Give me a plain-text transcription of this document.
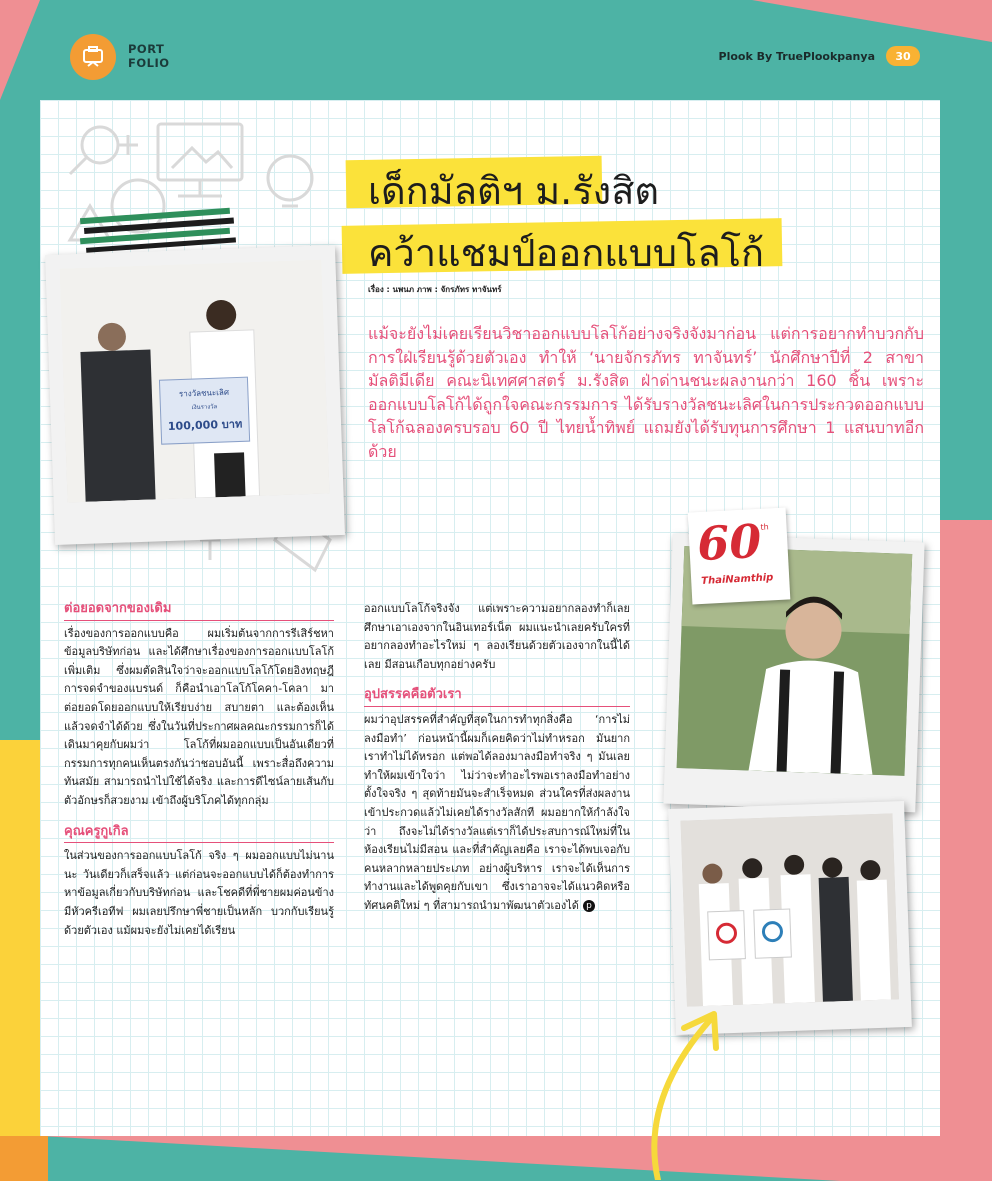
PORT
FOLIO	Plook By TruePlookpanya	30
เด็กมัลติฯ ม.รังสิต
คว้าแชมป์ออกแบบโลโก้
เรื่อง : นพนภ ภาพ : จักรภัทร ทาจันทร์
แม้จะยังไม่เคยเรียนวิชาออกแบบโลโก้อย่างจริงจังมาก่อน แต่การอยากทำบวกกับการใฝ่เรียนรู้ด้วยตัวเอง ทำให้ ‘นายจักรภัทร ทาจันทร์’ นักศึกษาปีที่ 2 สาขามัลติมีเดีย คณะนิเทศศาสตร์ ม.รังสิต ฝ่าด่านชนะผลงานกว่า 160 ชิ้น เพราะออกแบบโลโก้ได้ถูกใจคณะกรรมการ ได้รับรางวัลชนะเลิศในการประกวดออกแบบโลโก้ฉลองครบรอบ 60 ปี ไทยน้ำทิพย์ แถมยังได้รับทุนการศึกษา 1 แสนบาทอีกด้วย
รางวัลชนะเลิศ
เงินรางวัล
100,000 บาท
60
th
ThaiNamthip
ต่อยอดจากของเดิม

เรื่องของการออกแบบคือ ผมเริ่มต้นจากการรีเสิร์ชหาข้อมูลบริษัทก่อน และได้ศึกษาเรื่องของการออกแบบโลโก้เพิ่มเติม ซึ่งผมตัดสินใจว่าจะออกแบบโลโก้โดยอิงทฤษฎีการจดจำของแบรนด์ ก็คือนำเอาโลโก้โคคา-โคลา มาต่อยอดโดยออกแบบให้เรียบง่าย สบายตา และต้องเห็นแล้วจดจำได้ด้วย ซึ่งในวันที่ประกาศผลคณะกรรมการก็ได้เดินมาคุยกับผมว่า โลโก้ที่ผมออกแบบเป็นอันเดียวที่กรรมการทุกคนเห็นตรงกันว่าชอบอันนี้ เพราะสื่อถึงความทันสมัย สามารถนำไปใช้ได้จริง และการดีไซน์ลายเส้นกับตัวอักษรก็สวยงาม เข้าถึงผู้บริโภคได้ทุกกลุ่ม

คุณครูกูเกิล

ในส่วนของการออกแบบโลโก้ จริง ๆ ผมออกแบบไม่นานนะ วันเดียวก็เสร็จแล้ว แต่ก่อนจะออกแบบได้ก็ต้องทำการหาข้อมูลเกี่ยวกับบริษัทก่อน และโชคดีที่พี่ชายผมค่อนข้างมีหัวครีเอทีฟ ผมเลยปรึกษาพี่ชายเป็นหลัก บวกกับเรียนรู้ด้วยตัวเอง แม้ผมจะยังไม่เคยได้เรียน

ออกแบบโลโก้จริงจัง แต่เพราะความอยากลองทำก็เลยศึกษาเอาเองจากในอินเทอร์เน็ต ผมแนะนำเลยครับใครที่อยากลองทำอะไรใหม่ ๆ ลองเรียนด้วยตัวเองจากในนี้ได้เลย มีสอนเกือบทุกอย่างครับ

อุปสรรคคือตัวเรา

ผมว่าอุปสรรคที่สำคัญที่สุดในการทำทุกสิ่งคือ ‘การไม่ลงมือทำ’ ก่อนหน้านี้ผมก็เคยคิดว่าไม่ทำหรอก มันยาก เราทำไม่ได้หรอก แต่พอได้ลองมาลงมือทำจริง ๆ มันเลยทำให้ผมเข้าใจว่า ไม่ว่าจะทำอะไรพอเราลงมือทำอย่างตั้งใจจริง ๆ สุดท้ายมันจะสำเร็จหมด ส่วนใครที่ส่งผลงานเข้าประกวดแล้วไม่เคยได้รางวัลสักที ผมอยากให้กำลังใจว่า ถึงจะไม่ได้รางวัลแต่เราก็ได้ประสบการณ์ใหม่ที่ในห้องเรียนไม่มีสอน และที่สำคัญเลยคือ เราจะได้พบเจอกับคนหลากหลายประเภท อย่างผู้บริหาร เราจะได้เห็นการทำงานและได้พูดคุยกับเขา ซึ่งเราอาจจะได้แนวคิดหรือทัศนคติใหม่ ๆ ที่สามารถนำมาพัฒนาตัวเองได้ p
